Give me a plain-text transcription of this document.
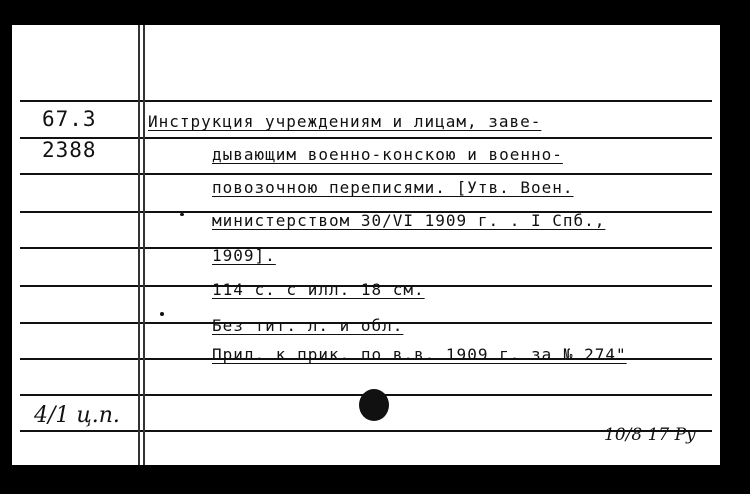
67.3
2388
Инструкция учреждениям и лицам, заве-
дывающим военно-конскою и военно-
повозочною переписями. [Утв. Воен.
министерством 30/VI 1909 г. . I Спб.,
1909].
114 с. с илл. 18 см.
Без тит. л. и обл.
Прил. к прик. по в.в. 1909 г. за № 274"
4/1 ц.п.
10/8 17 Ру
